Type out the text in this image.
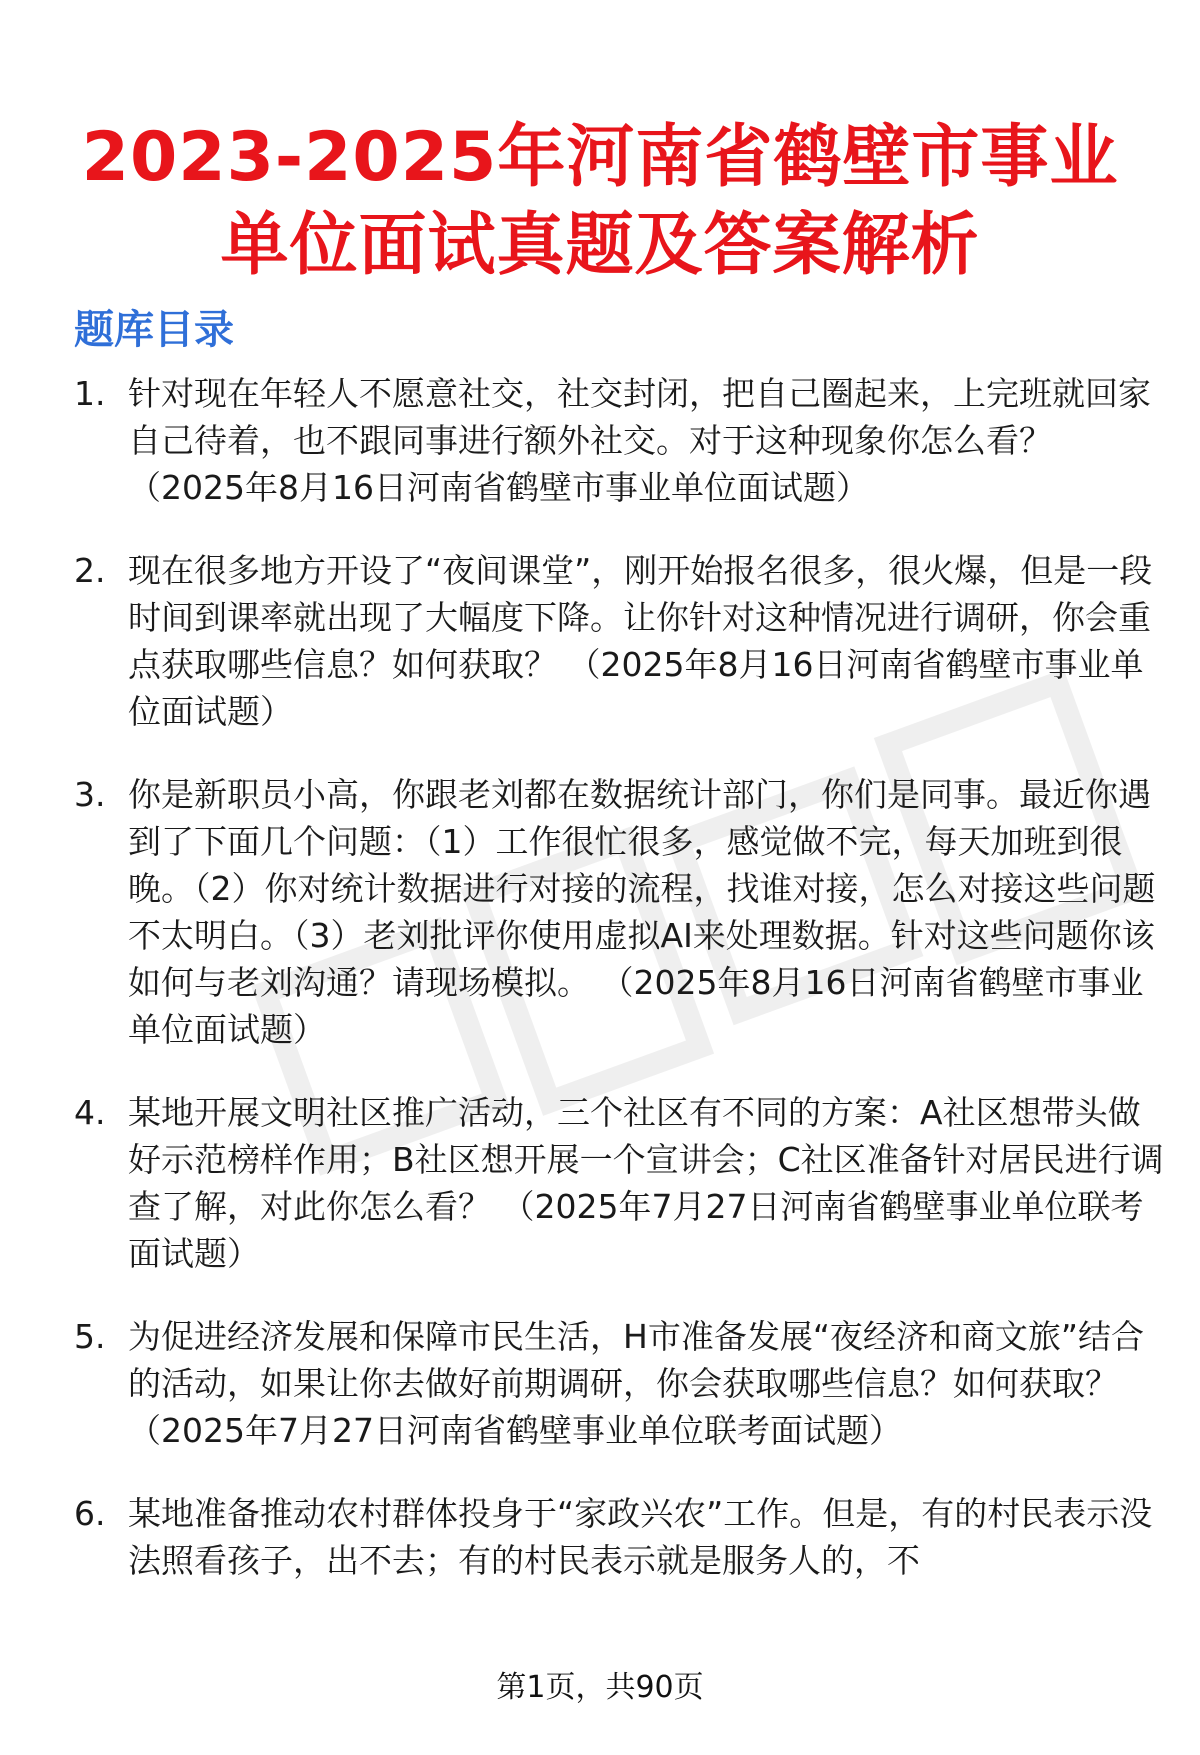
2023-2025年河南省鹤壁市事业单位面试真题及答案解析
题库目录
1. 针对现在年轻人不愿意社交，社交封闭，把自己圈起来，上完班就回家自己待着，也不跟同事进行额外社交。对于这种现象你怎么看？ （2025年8月16日河南省鹤壁市事业单位面试题）
2. 现在很多地方开设了“夜间课堂”，刚开始报名很多，很火爆，但是一段时间到课率就出现了大幅度下降。让你针对这种情况进行调研，你会重点获取哪些信息？如何获取？ （2025年8月16日河南省鹤壁市事业单位面试题）
3. 你是新职员小高，你跟老刘都在数据统计部门，你们是同事。最近你遇到了下面几个问题：（1）工作很忙很多，感觉做不完，每天加班到很晚。（2）你对统计数据进行对接的流程，找谁对接，怎么对接这些问题不太明白。（3）老刘批评你使用虚拟AI来处理数据。针对这些问题你该如何与老刘沟通？请现场模拟。 （2025年8月16日河南省鹤壁市事业单位面试题）
4. 某地开展文明社区推广活动，三个社区有不同的方案：A社区想带头做好示范榜样作用；B社区想开展一个宣讲会；C社区准备针对居民进行调查了解，对此你怎么看？ （2025年7月27日河南省鹤壁事业单位联考面试题）
5. 为促进经济发展和保障市民生活，H市准备发展“夜经济和商文旅”结合的活动，如果让你去做好前期调研，你会获取哪些信息？如何获取？ （2025年7月27日河南省鹤壁事业单位联考面试题）
6. 某地准备推动农村群体投身于“家政兴农”工作。但是，有的村民表示没法照看孩子，出不去；有的村民表示就是服务人的，不
第1页，共90页
